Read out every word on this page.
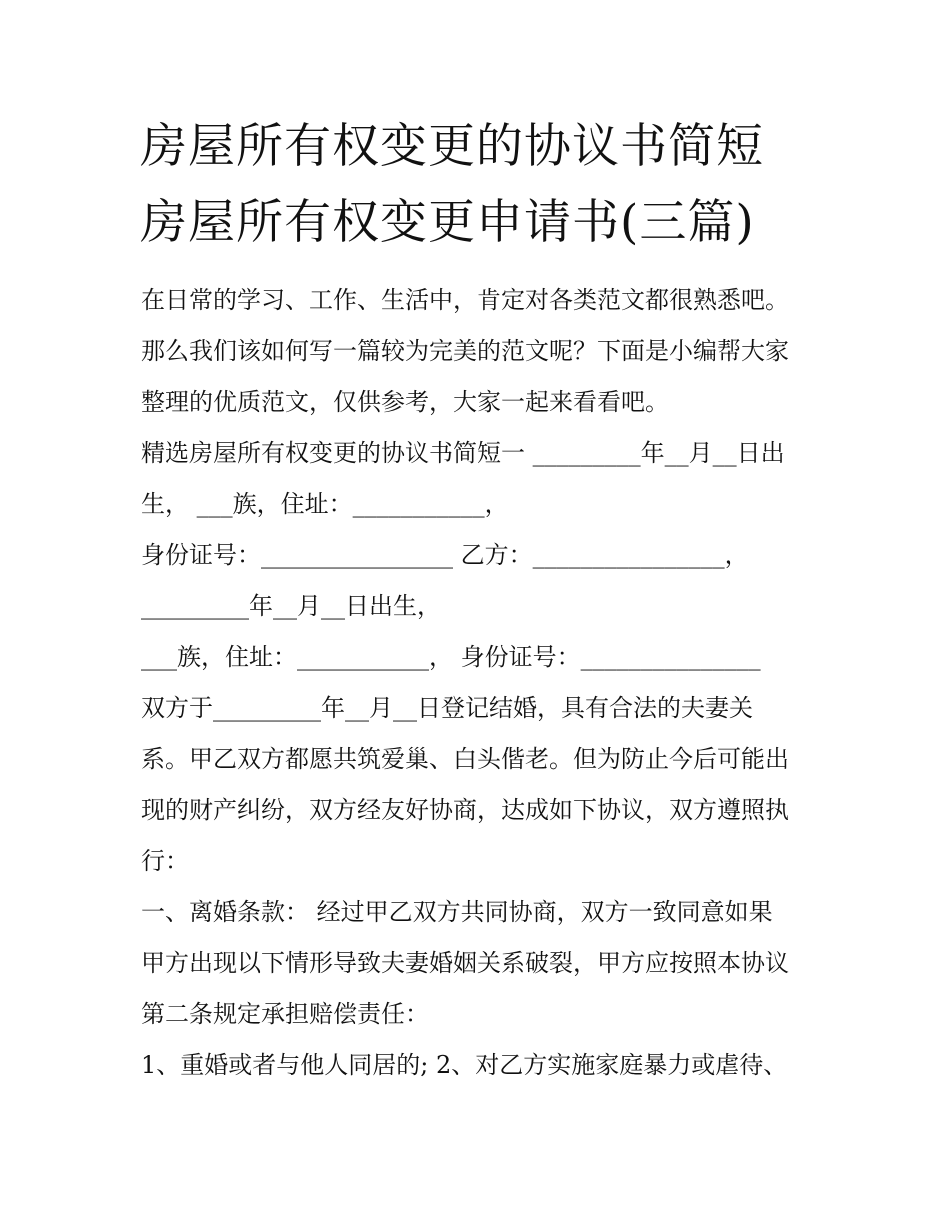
房屋所有权变更的协议书简短
房屋所有权变更申请书(三篇)
在日常的学习、工作、生活中，肯定对各类范文都很熟悉吧。
那么我们该如何写一篇较为完美的范文呢？下面是小编帮大家
整理的优质范文，仅供参考，大家一起来看看吧。
精选房屋所有权变更的协议书简短一 _________年__月__日出
生， ___族，住址：___________，
身份证号：________________ 乙方：________________，
_________年__月__日出生，
___族，住址：___________， 身份证号：_______________
双方于_________年__月__日登记结婚，具有合法的夫妻关
系。甲乙双方都愿共筑爱巢、白头偕老。但为防止今后可能出
现的财产纠纷，双方经友好协商，达成如下协议，双方遵照执
行：
一、离婚条款： 经过甲乙双方共同协商，双方一致同意如果
甲方出现以下情形导致夫妻婚姻关系破裂，甲方应按照本协议
第二条规定承担赔偿责任：
1、重婚或者与他人同居的; 2、对乙方实施家庭暴力或虐待、
